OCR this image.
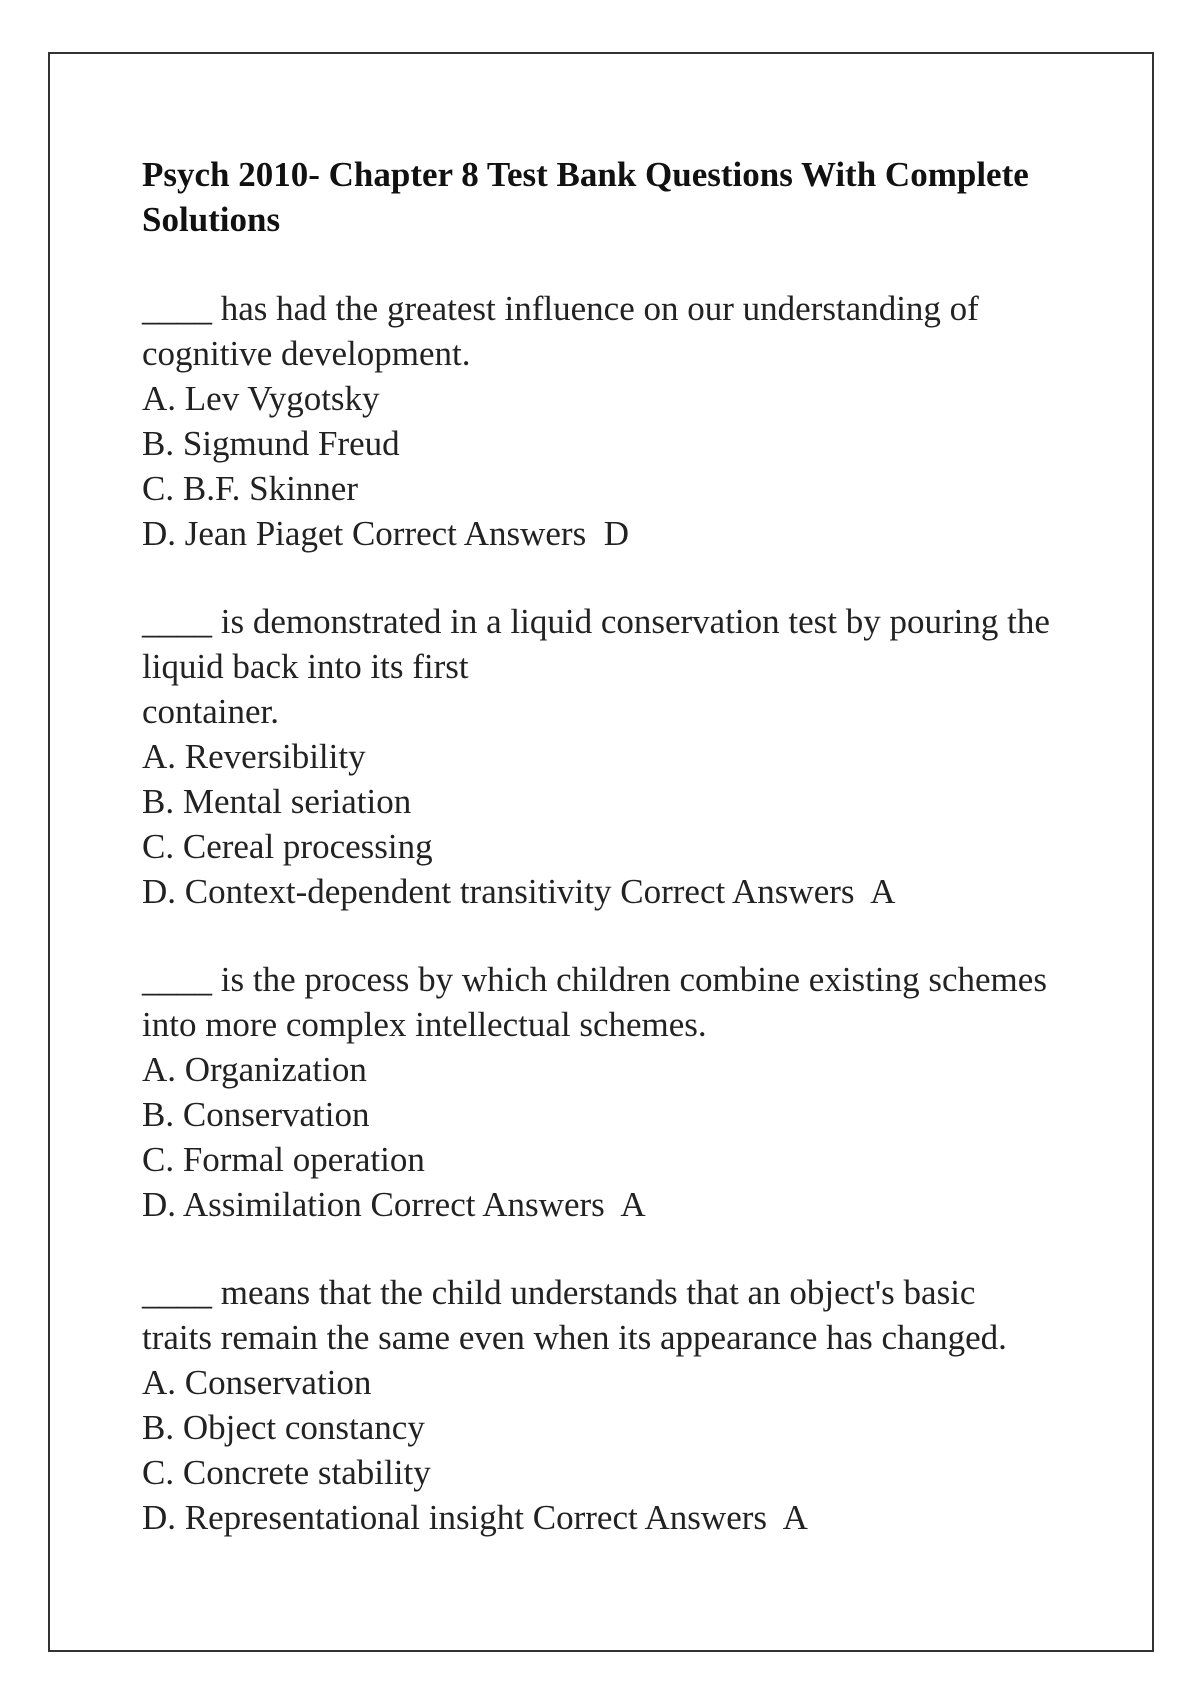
Psych 2010- Chapter 8 Test Bank Questions With Complete Solutions

____ has had the greatest influence on our understanding of

cognitive development.

A. Lev Vygotsky

B. Sigmund Freud

C. B.F. Skinner

D. Jean Piaget Correct Answers D

____ is demonstrated in a liquid conservation test by pouring the

liquid back into its first

container.

A. Reversibility

B. Mental seriation

C. Cereal processing

D. Context-dependent transitivity Correct Answers A

____ is the process by which children combine existing schemes

into more complex intellectual schemes.

A. Organization

B. Conservation

C. Formal operation

D. Assimilation Correct Answers A

____ means that the child understands that an object's basic

traits remain the same even when its appearance has changed.

A. Conservation

B. Object constancy

C. Concrete stability

D. Representational insight Correct Answers A
